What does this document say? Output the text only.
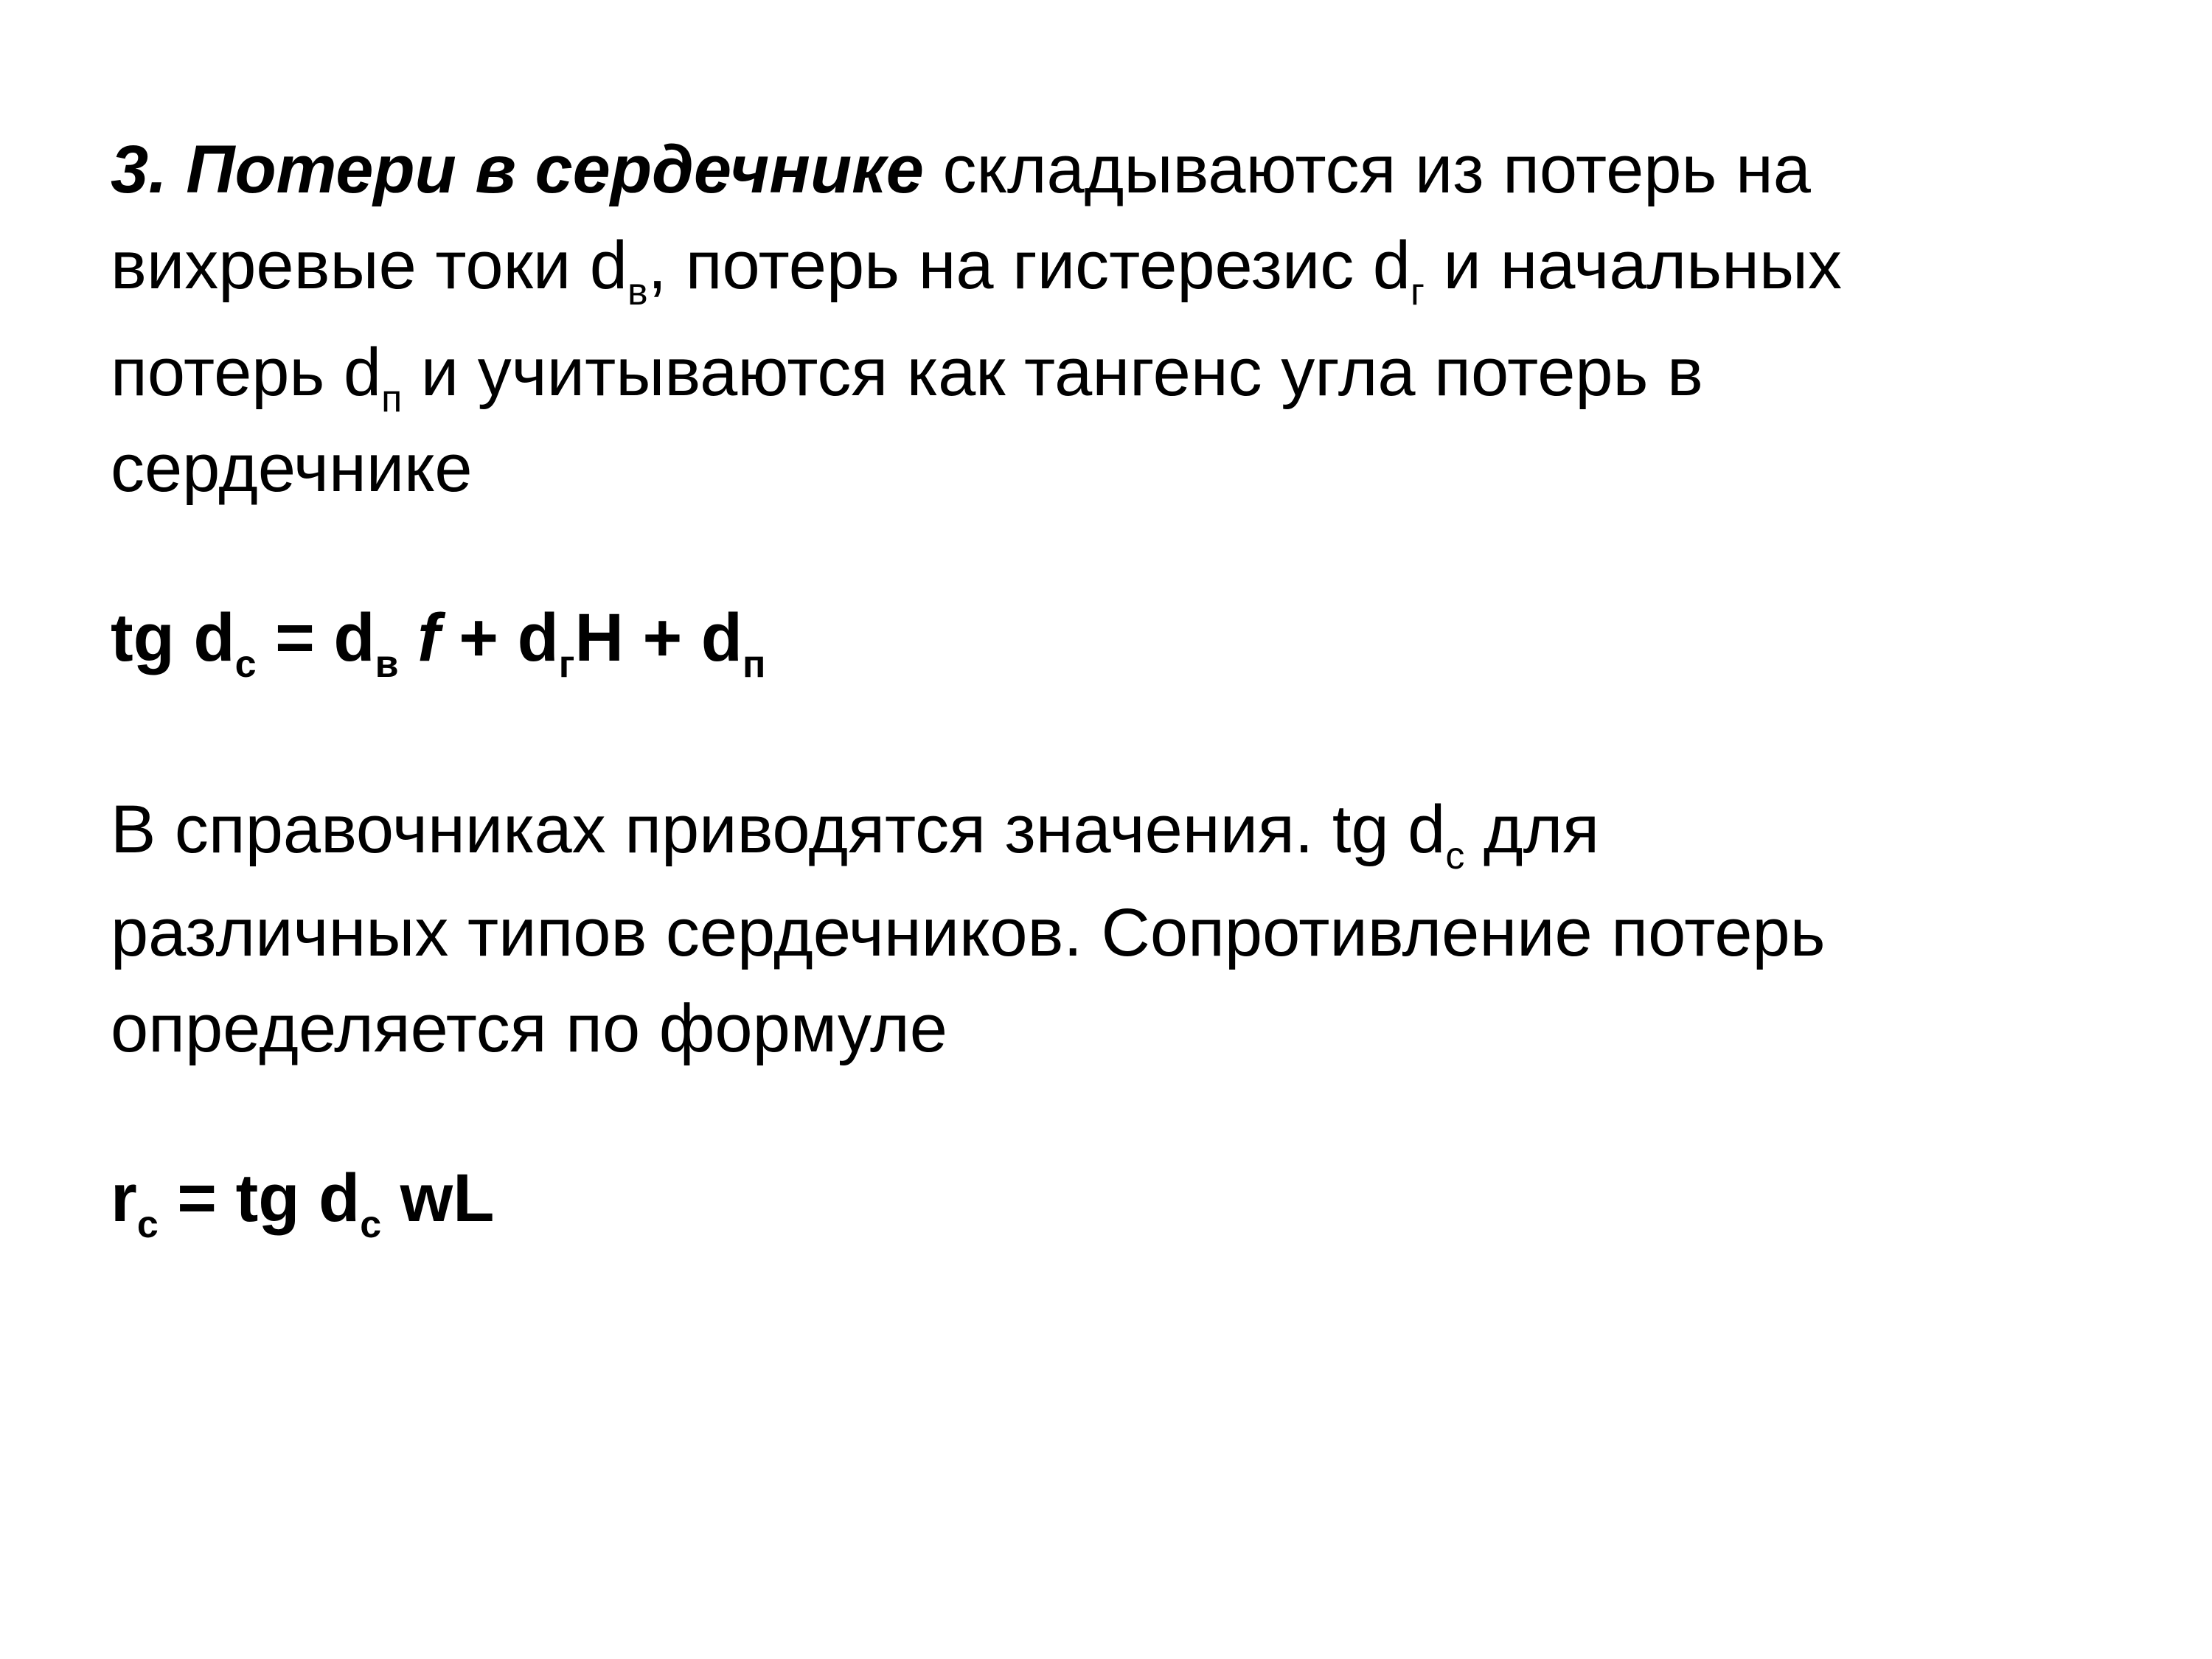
3. Потери в сердечнике складываются из потерь на
вихревые токи $d_в$, потерь на гистерезис $d_г$ и начальных
потерь $d_п$ и учитываются как тангенс угла потерь в
сердечнике

tg $d_с = d_в$ $f + d_гH + d_п$

В справочниках приводятся значения. tg $d_с$ для
различных типов сердечников. Сопротивление потерь
определяется по формуле

$r_с$ = tg $d_с$ wL
